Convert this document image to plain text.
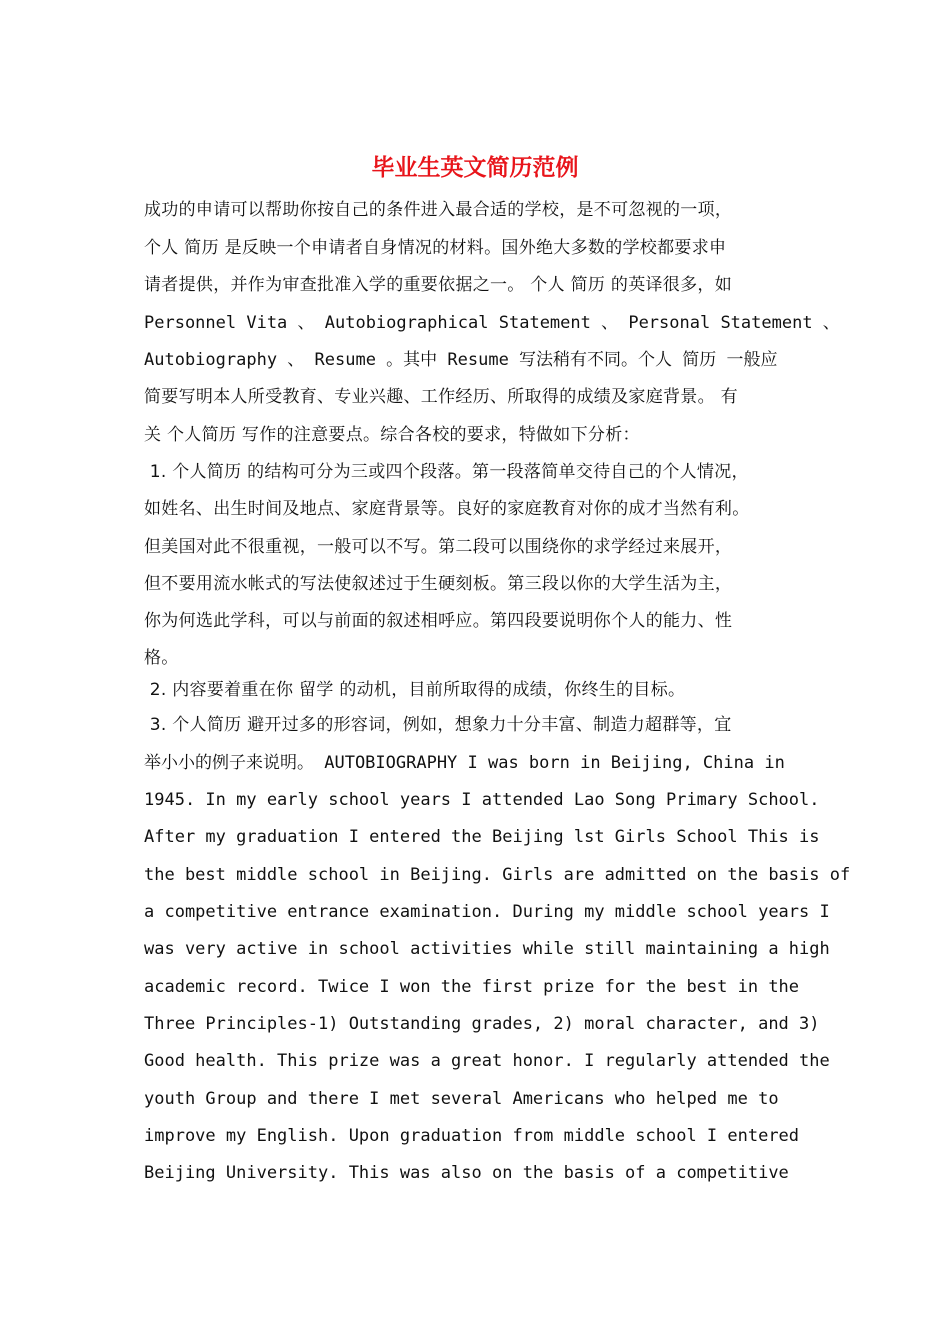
毕业生英文简历范例
成功的申请可以帮助你按自己的条件进入最合适的学校，是不可忽视的一项，
个人 简历 是反映一个申请者自身情况的材料。国外绝大多数的学校都要求申
请者提供，并作为审查批准入学的重要依据之一。 个人 简历 的英译很多，如
Personnel Vita 、 Autobiographical Statement 、 Personal Statement 、
Autobiography 、 Resume 。其中 Resume 写法稍有不同。个人 简历 一般应
简要写明本人所受教育、专业兴趣、工作经历、所取得的成绩及家庭背景。 有
关 个人简历 写作的注意要点。综合各校的要求，特做如下分析：
1. 个人简历 的结构可分为三或四个段落。第一段落简单交待自己的个人情况，
如姓名、出生时间及地点、家庭背景等。良好的家庭教育对你的成才当然有利。
但美国对此不很重视，一般可以不写。第二段可以围绕你的求学经过来展开，
但不要用流水帐式的写法使叙述过于生硬刻板。第三段以你的大学生活为主，
你为何选此学科，可以与前面的叙述相呼应。第四段要说明你个人的能力、性
格。
2. 内容要着重在你 留学 的动机，目前所取得的成绩，你终生的目标。
3. 个人简历 避开过多的形容词，例如，想象力十分丰富、制造力超群等，宜
举小小的例子来说明。 AUTOBIOGRAPHY I was born in Beijing, China in
1945. In my early school years I attended Lao Song Primary School.
After my graduation I entered the Beijing lst Girls School This is
the best middle school in Beijing. Girls are admitted on the basis of
a competitive entrance examination. During my middle school years I
was very active in school activities while still maintaining a high
academic record. Twice I won the first prize for the best in the
Three Principles-1) Outstanding grades, 2) moral character, and 3)
Good health. This prize was a great honor. I regularly attended the
youth Group and there I met several Americans who helped me to
improve my English. Upon graduation from middle school I entered
Beijing University. This was also on the basis of a competitive
